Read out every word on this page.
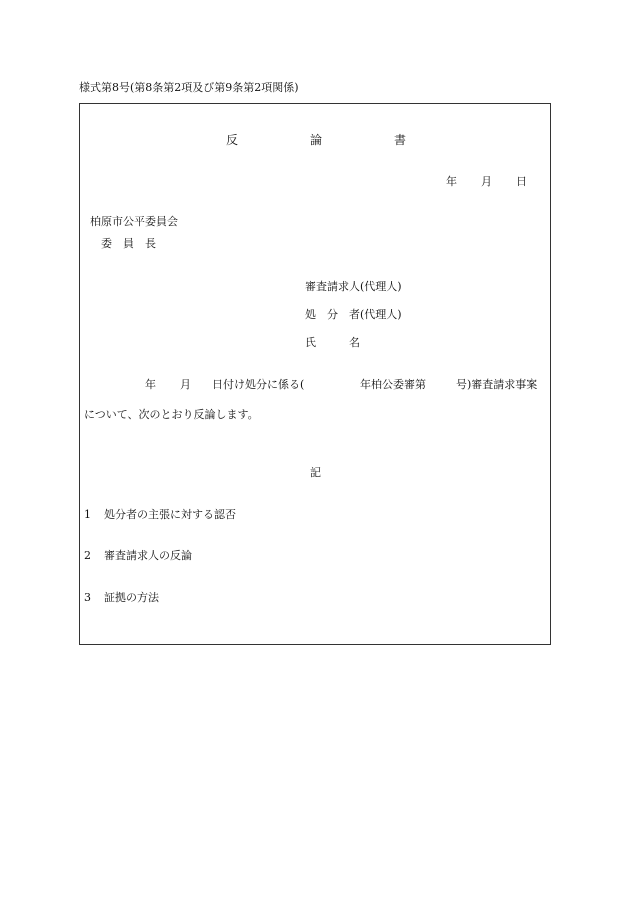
様式第8号(第8条第2項及び第9条第2項関係)
反	論	書
年 月 日
柏原市公平委員会
委　員　長
審査請求人(代理人)
処　分　者(代理人)
氏　　　名
年 月 日付け処分に係る(	年柏公委審第	号)審査請求事案
について、次のとおり反論します。
記
1 処分者の主張に対する認否
2 審査請求人の反論
3 証拠の方法
